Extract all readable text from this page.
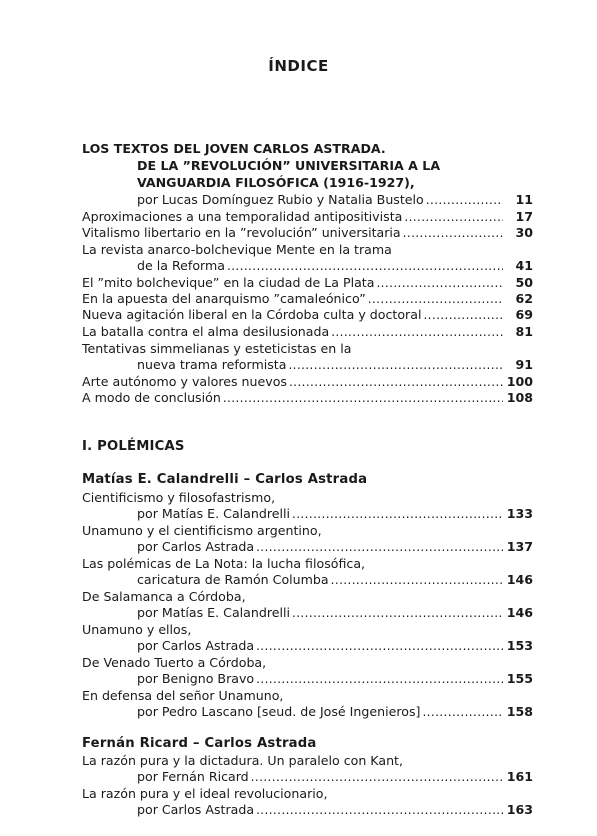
ÍNDICE
LOS TEXTOS DEL JOVEN CARLOS ASTRADA.
DE LA ”REVOLUCIÓN” UNIVERSITARIA A LA
VANGUARDIA FILOSÓFICA (1916-1927),
por Lucas Domínguez Rubio y Natalia Bustelo .....	11
Aproximaciones a una temporalidad antipositivista .....	17
Vitalismo libertario en la ”revolución” universitaria .....	30
La revista anarco-bolchevique Mente en la trama
de la Reforma .....	41
El ”mito bolchevique” en la ciudad de La Plata .....	50
En la apuesta del anarquismo ”camaleónico” .....	62
Nueva agitación liberal en la Córdoba culta y doctoral .....	69
La batalla contra el alma desilusionada .....	81
Tentativas simmelianas y esteticistas en la
nueva trama reformista .....	91
Arte autónomo y valores nuevos .....	100
A modo de conclusión .....	108
I. POLÉMICAS
Matías E. Calandrelli – Carlos Astrada
Cientificismo y filosofastrismo,
por Matías E. Calandrelli .....	133
Unamuno y el cientificismo argentino,
por Carlos Astrada .....	137
Las polémicas de La Nota: la lucha filosófica,
caricatura de Ramón Columba .....	146
De Salamanca a Córdoba,
por Matías E. Calandrelli .....	146
Unamuno y ellos,
por Carlos Astrada .....	153
De Venado Tuerto a Córdoba,
por Benigno Bravo .....	155
En defensa del señor Unamuno,
por Pedro Lascano [seud. de José Ingenieros] .....	158
Fernán Ricard – Carlos Astrada
La razón pura y la dictadura. Un paralelo con Kant,
por Fernán Ricard .....	161
La razón pura y el ideal revolucionario,
por Carlos Astrada .....	163
